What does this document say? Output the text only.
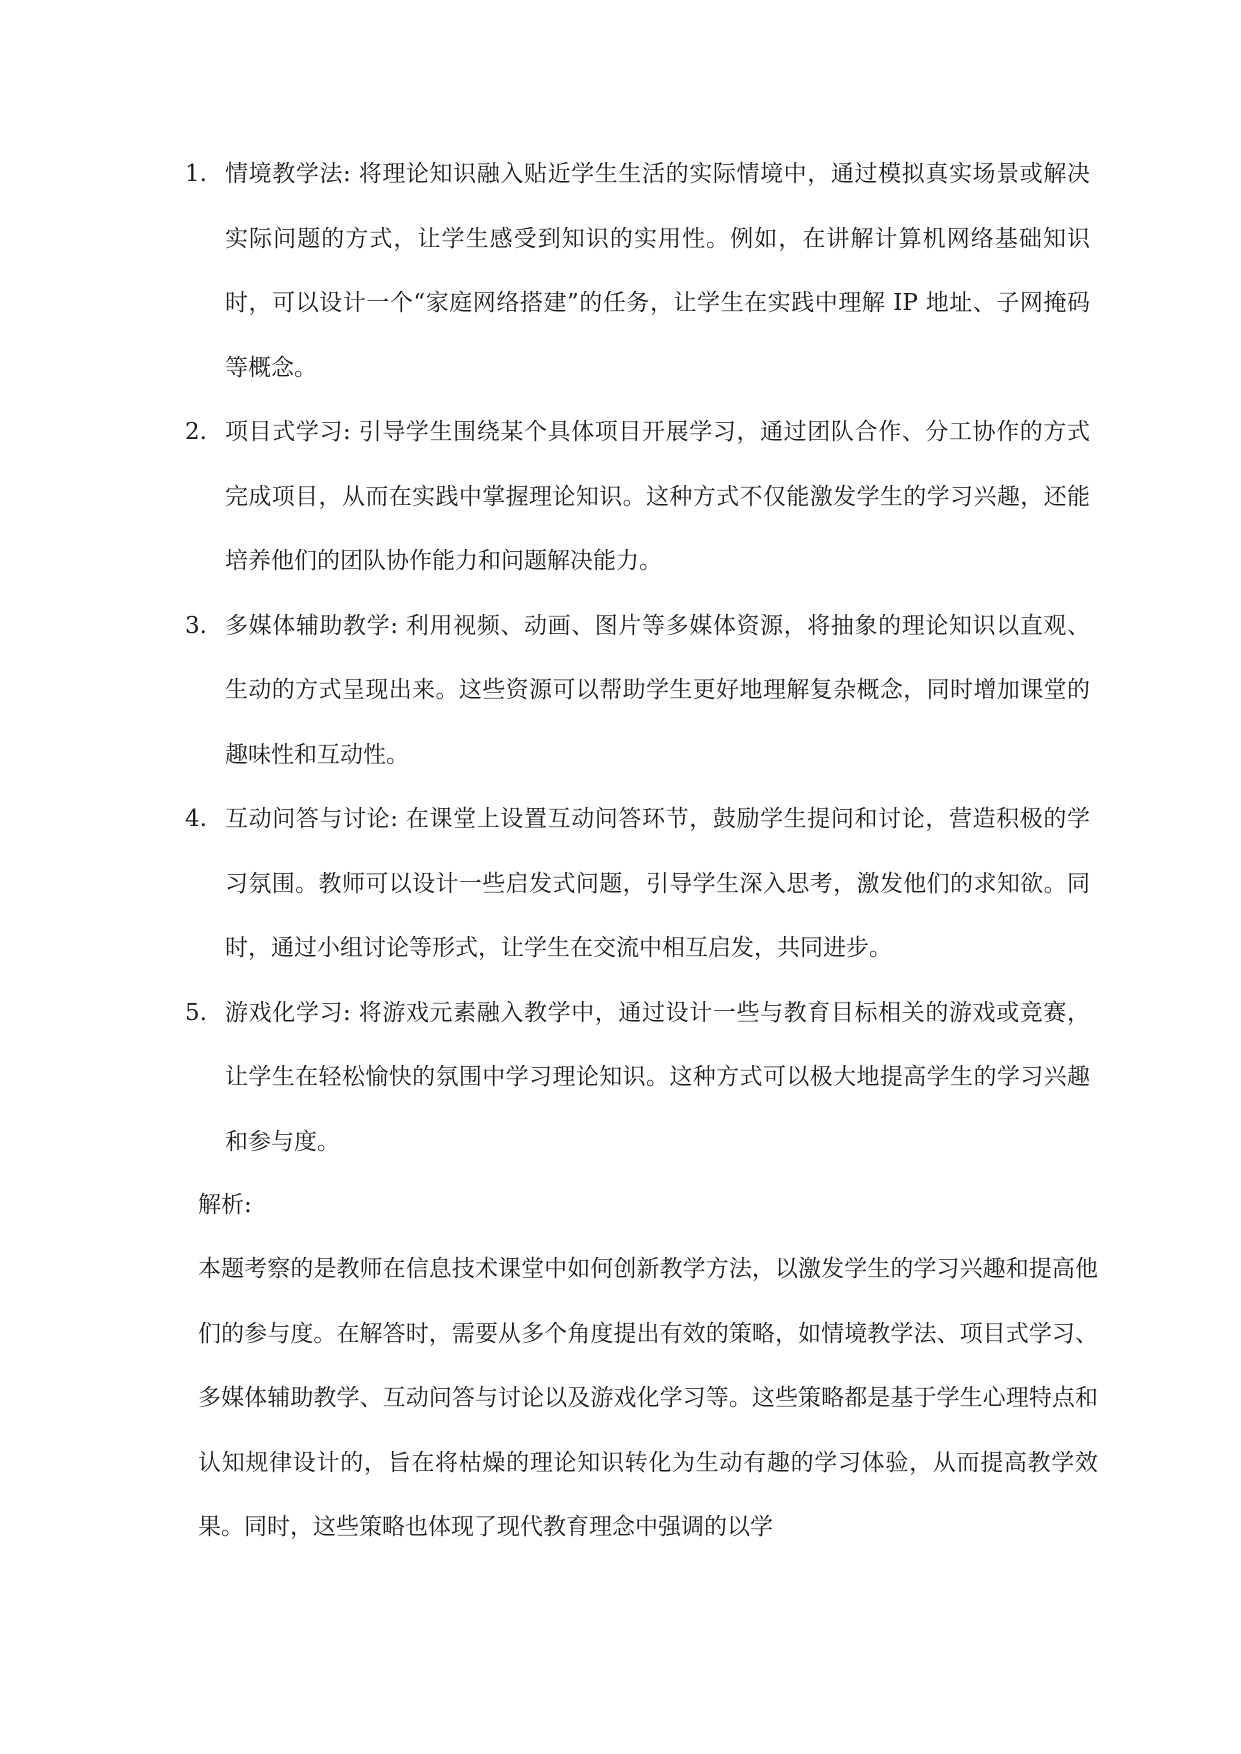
1. 情境教学法: 将理论知识融入贴近学生生活的实际情境中，通过模拟真实场景或解决实际问题的方式，让学生感受到知识的实用性。例如，在讲解计算机网络基础知识时，可以设计一个“家庭网络搭建”的任务，让学生在实践中理解 IP 地址、子网掩码等概念。
2. 项目式学习: 引导学生围绕某个具体项目开展学习，通过团队合作、分工协作的方式完成项目，从而在实践中掌握理论知识。这种方式不仅能激发学生的学习兴趣，还能培养他们的团队协作能力和问题解决能力。
3. 多媒体辅助教学: 利用视频、动画、图片等多媒体资源，将抽象的理论知识以直观、生动的方式呈现出来。这些资源可以帮助学生更好地理解复杂概念，同时增加课堂的趣味性和互动性。
4. 互动问答与讨论: 在课堂上设置互动问答环节，鼓励学生提问和讨论，营造积极的学习氛围。教师可以设计一些启发式问题，引导学生深入思考，激发他们的求知欲。同时，通过小组讨论等形式，让学生在交流中相互启发，共同进步。
5. 游戏化学习: 将游戏元素融入教学中，通过设计一些与教育目标相关的游戏或竞赛，让学生在轻松愉快的氛围中学习理论知识。这种方式可以极大地提高学生的学习兴趣和参与度。

解析:

本题考察的是教师在信息技术课堂中如何创新教学方法，以激发学生的学习兴趣和提高他们的参与度。在解答时，需要从多个角度提出有效的策略，如情境教学法、项目式学习、多媒体辅助教学、互动问答与讨论以及游戏化学习等。这些策略都是基于学生心理特点和认知规律设计的，旨在将枯燥的理论知识转化为生动有趣的学习体验，从而提高教学效果。同时，这些策略也体现了现代教育理念中强调的以学
